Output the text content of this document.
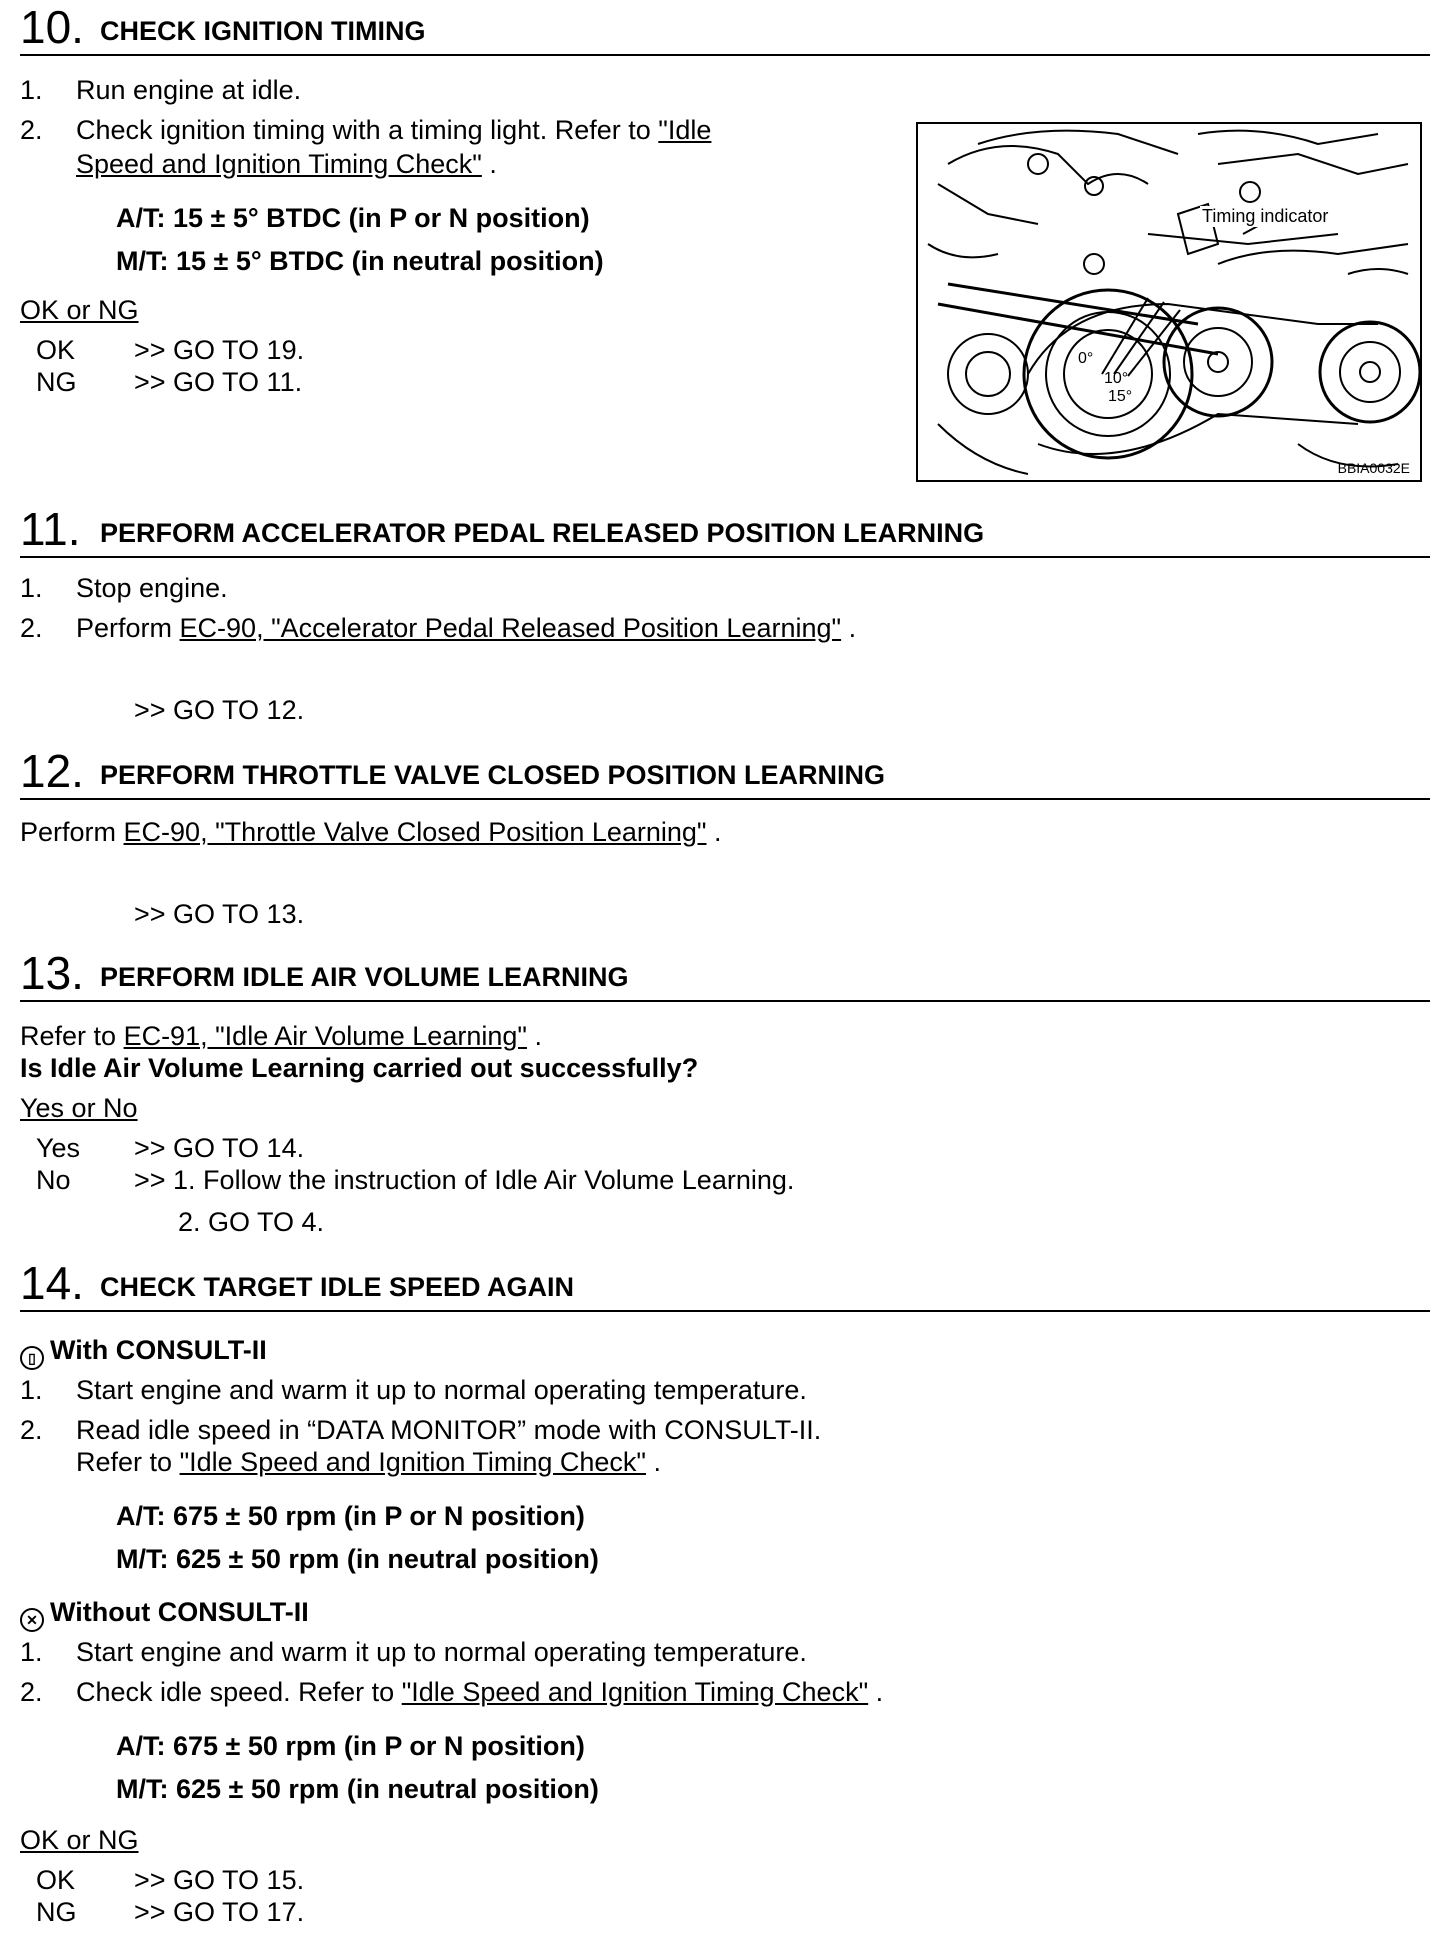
10. CHECK IGNITION TIMING
1. Run engine at idle.
2. Check ignition timing with a timing light. Refer to "Idle
Speed and Ignition Timing Check" .
A/T: 15 ± 5° BTDC (in P or N position)
M/T: 15 ± 5° BTDC (in neutral position)
OK or NG
OK >> GO TO 19.
NG >> GO TO 11.
Timing indicator
0°
10°
15°
BBIA0032E
11. PERFORM ACCELERATOR PEDAL RELEASED POSITION LEARNING
1. Stop engine.
2. Perform EC-90, "Accelerator Pedal Released Position Learning" .
>> GO TO 12.
12. PERFORM THROTTLE VALVE CLOSED POSITION LEARNING
Perform EC-90, "Throttle Valve Closed Position Learning" .
>> GO TO 13.
13. PERFORM IDLE AIR VOLUME LEARNING
Refer to EC-91, "Idle Air Volume Learning" .
Is Idle Air Volume Learning carried out successfully?
Yes or No
Yes >> GO TO 14.
No >> 1. Follow the instruction of Idle Air Volume Learning.
2. GO TO 4.
14. CHECK TARGET IDLE SPEED AGAIN
▯ With CONSULT-II
1. Start engine and warm it up to normal operating temperature.
2. Read idle speed in “DATA MONITOR” mode with CONSULT-II.
Refer to "Idle Speed and Ignition Timing Check" .
A/T: 675 ± 50 rpm (in P or N position)
M/T: 625 ± 50 rpm (in neutral position)
✕ Without CONSULT-II
1. Start engine and warm it up to normal operating temperature.
2. Check idle speed. Refer to "Idle Speed and Ignition Timing Check" .
A/T: 675 ± 50 rpm (in P or N position)
M/T: 625 ± 50 rpm (in neutral position)
OK or NG
OK >> GO TO 15.
NG >> GO TO 17.
